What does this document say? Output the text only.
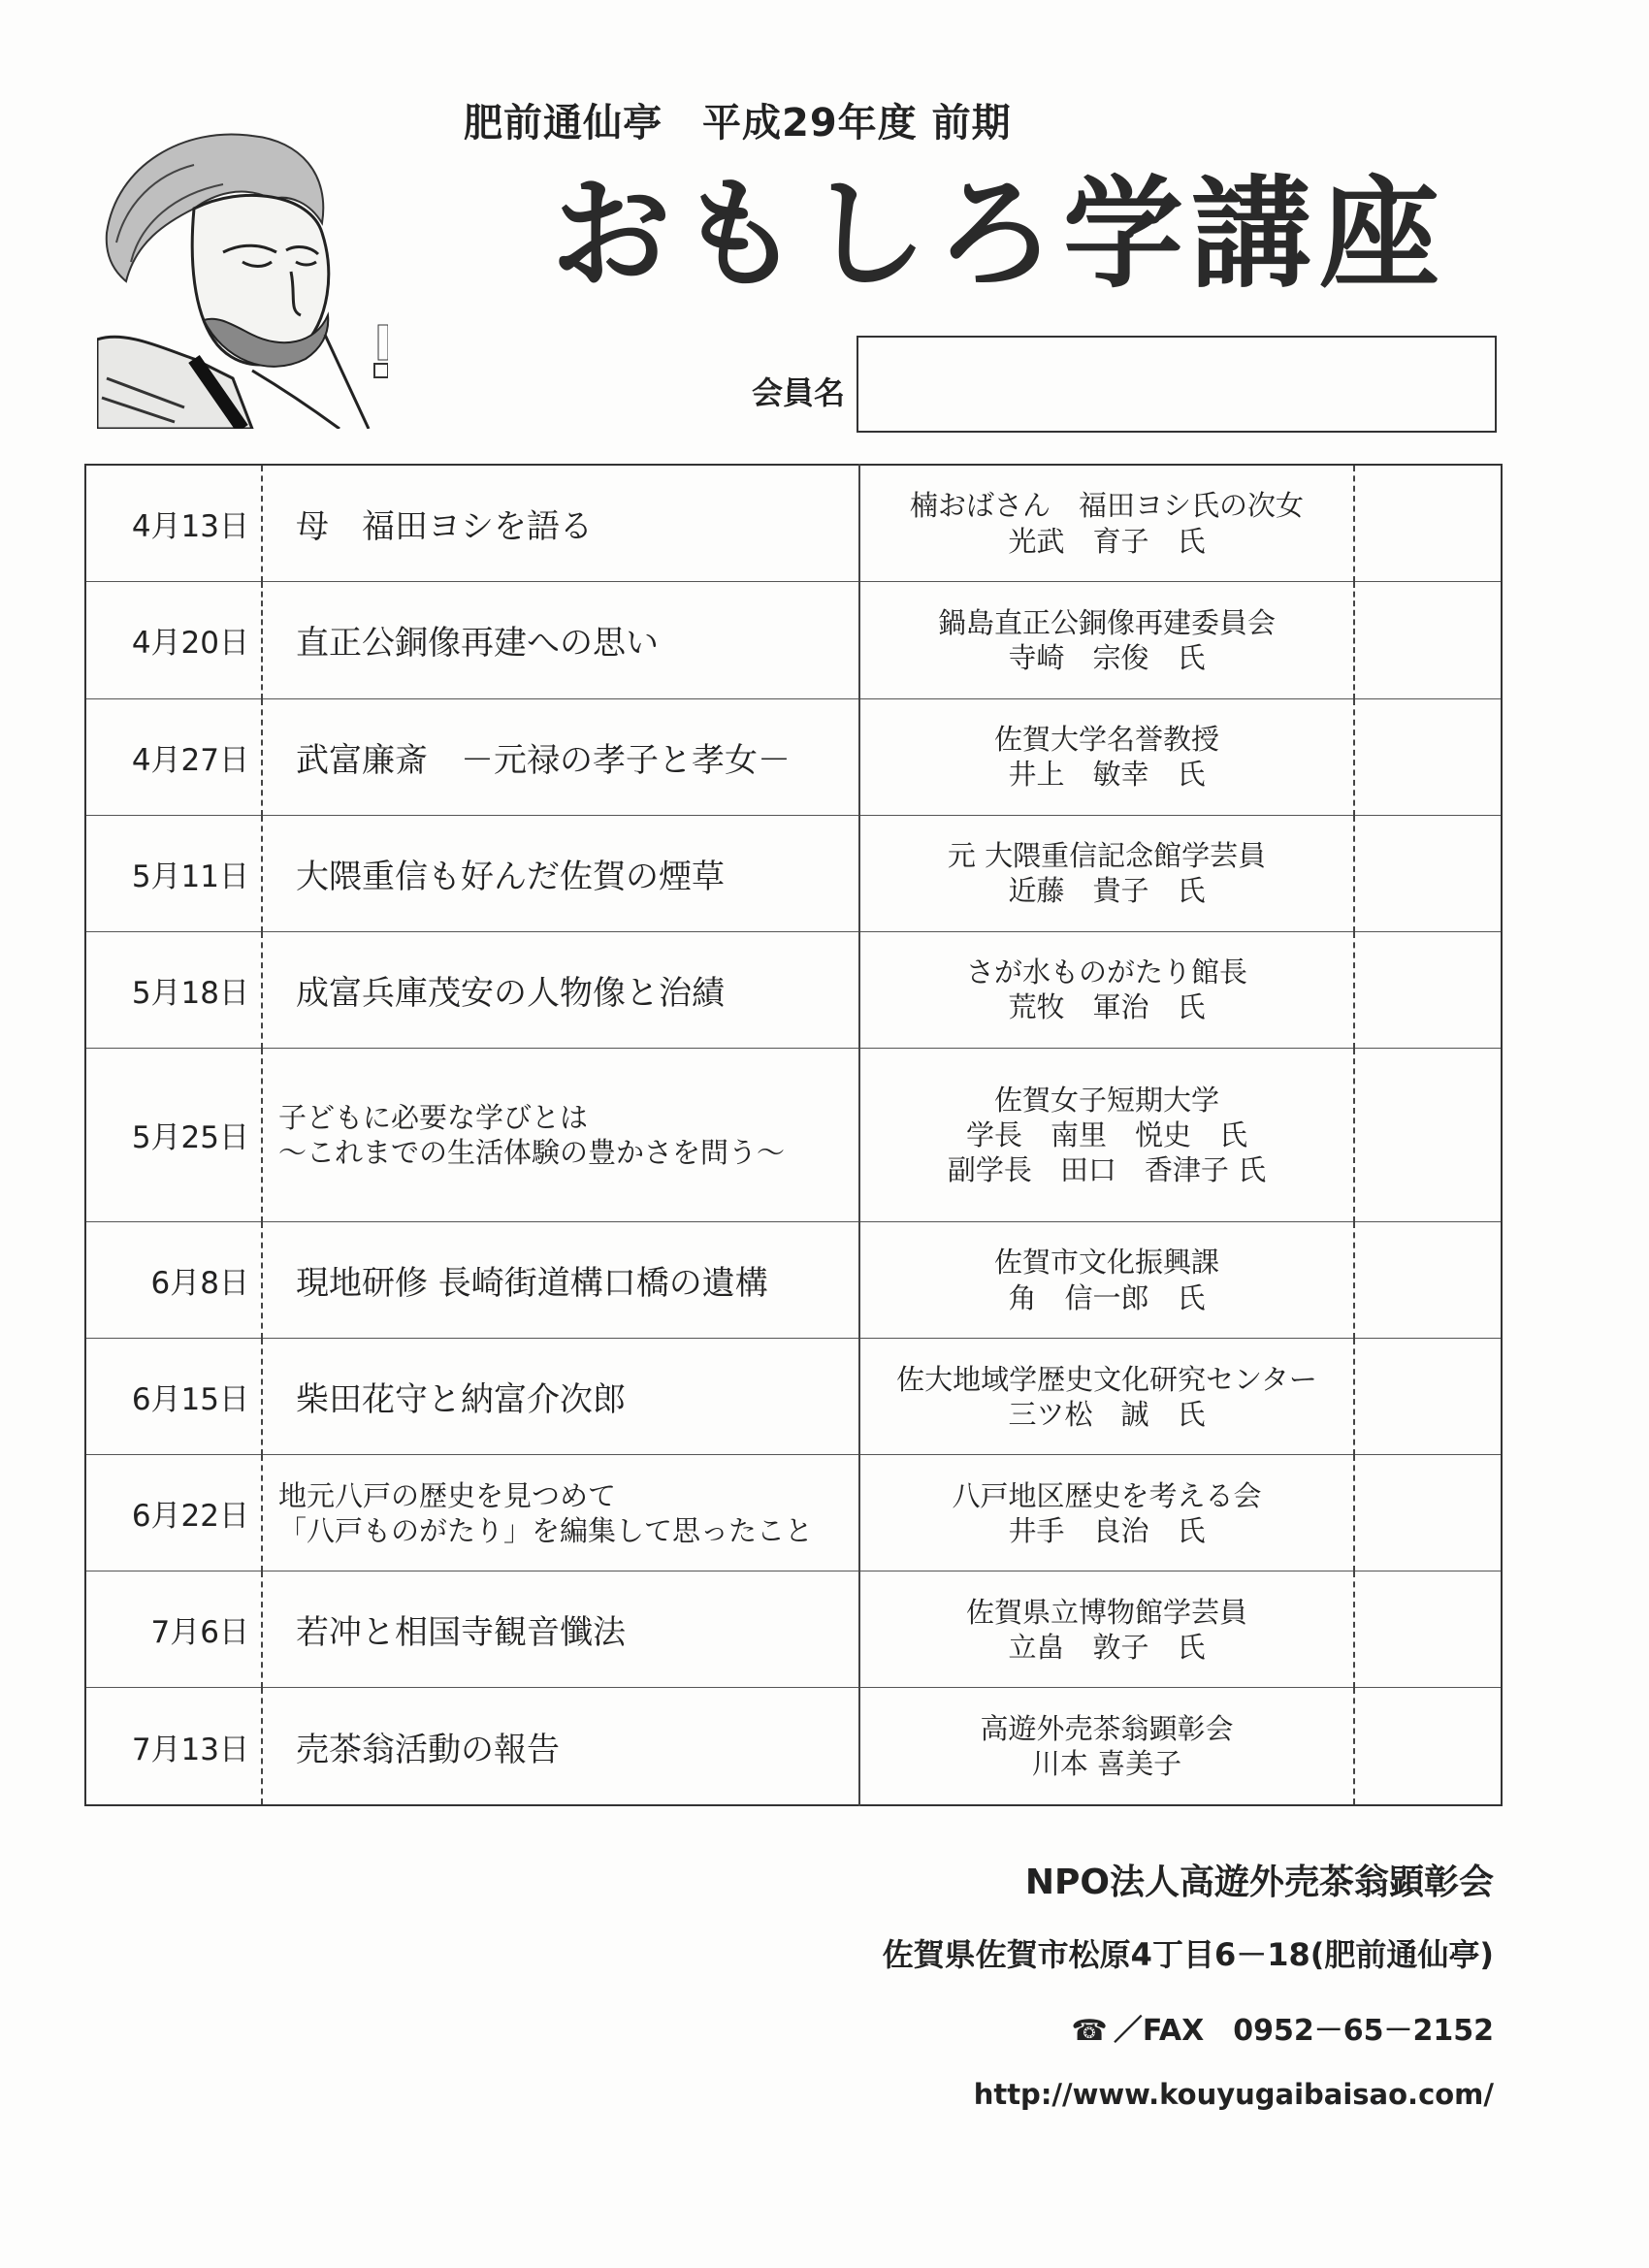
肥前通仙亭　平成29年度 前期
おもしろ学講座
会員名
4月13日	母　福田ヨシを語る	楠おばさん　福田ヨシ氏の次女
光武　育子　氏	

4月20日	直正公銅像再建への思い	鍋島直正公銅像再建委員会
寺崎　宗俊　氏	

4月27日	武富廉斎　－元禄の孝子と孝女－	佐賀大学名誉教授
井上　敏幸　氏	

5月11日	大隈重信も好んだ佐賀の煙草	元 大隈重信記念館学芸員
近藤　貴子　氏	

5月18日	成富兵庫茂安の人物像と治績	さが水ものがたり館長
荒牧　軍治　氏	

5月25日	子どもに必要な学びとは
～これまでの生活体験の豊かさを問う～	佐賀女子短期大学
学長　南里　悦史　氏
副学長　田口　香津子 氏	

6月8日	現地研修 長崎街道構口橋の遺構	佐賀市文化振興課
角　信一郎　氏	

6月15日	柴田花守と納富介次郎	佐大地域学歴史文化研究センター
三ツ松　誠　氏	

6月22日	地元八戸の歴史を見つめて
「八戸ものがたり」を編集して思ったこと	八戸地区歴史を考える会
井手　良治　氏	

7月6日	若冲と相国寺観音懺法	佐賀県立博物館学芸員
立畠　敦子　氏	

7月13日	売茶翁活動の報告	高遊外売茶翁顕彰会
川本 喜美子	

NPO法人高遊外売茶翁顕彰会
佐賀県佐賀市松原4丁目6－18(肥前通仙亭)
☎ ／FAX　0952－65－2152
http://www.kouyugaibaisao.com/
